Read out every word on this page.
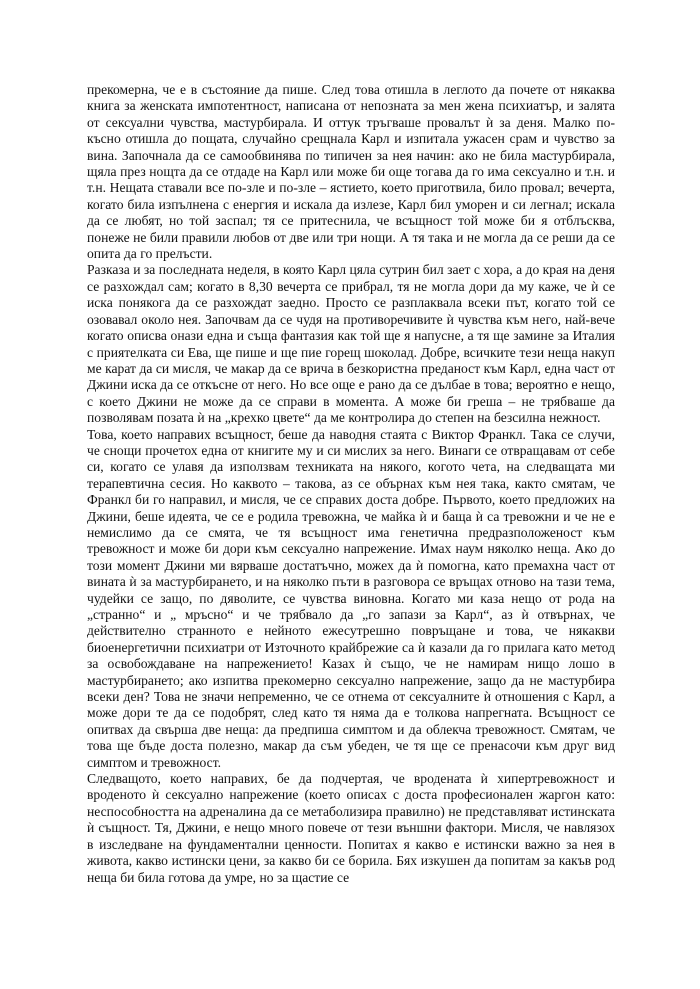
прекомерна, че е в състояние да пише. След това отишла в леглото да почете от някаква книга за женската импотентност, написана от непозната за мен жена психиатър, и залята от сексуални чувства, мастурбирала. И оттук тръгваше провалът ѝ за деня. Малко по-късно отишла до пощата, случайно срещнала Карл и изпитала ужасен срам и чувство за вина. Започнала да се самообвинява по типичен за нея начин: ако не била мастурбирала, щяла през нощта да се отдаде на Карл или може би още тогава да го има сексуално и т.н. и т.н. Нещата ставали все по-зле и по-зле – ястието, което приготвила, било провал; вечерта, когато била изпълнена с енергия и искала да излезе, Карл бил уморен и си легнал; искала да се любят, но той заспал; тя се притеснила, че всъщност той може би я отблъсква, понеже не били правили любов от две или три нощи. А тя така и не могла да се реши да се опита да го прелъсти.

Разказа и за последната неделя, в която Карл цяла сутрин бил зает с хора, а до края на деня се разхождал сам; когато в 8,30 вечерта се прибрал, тя не могла дори да му каже, че ѝ се иска понякога да се разхождат заедно. Просто се разплаквала всеки път, когато той се озовавал около нея. Започвам да се чудя на противоречивите ѝ чувства към него, най-вече когато описва онази една и съща фантазия как той ще я напусне, а тя ще замине за Италия с приятелката си Ева, ще пише и ще пие горещ шоколад. Добре, всичките тези неща накуп ме карат да си мисля, че макар да се вричa в безкористна преданост към Карл, една част от Джини иска да се откъсне от него. Но все още е рано да се дълбае в това; вероятно е нещо, с което Джини не може да се справи в момента. А може би греша – не трябваше да позволявам позата ѝ на „крехко цвете“ да ме контролира до степен на безсилна нежност.

Това, което направих всъщност, беше да наводня стаята с Виктор Франкл. Така се случи, че снощи прочетох една от книгите му и си мислих за него. Винаги се отвращавам от себе си, когато се улавя да използвам техниката на някого, когото чета, на следващата ми терапевтична сесия. Но каквото – такова, аз се обърнах към нея така, както смятам, че Франкл би го направил, и мисля, че се справих доста добре. Първото, което предложих на Джини, беше идеята, че се е родила тревожна, че майка ѝ и баща ѝ са тревожни и че не е немислимо да се смята, че тя всъщност има генетична предразположеност към тревожност и може би дори към сексуално напрежение. Имах наум няколко неща. Ако до този момент Джини ми вярваше достатъчно, можех да ѝ помогна, като премахна част от вината ѝ за мастурбирането, и на няколко пъти в разговора се връщах отново на тази тема, чудейки се защо, по дяволите, се чувства виновна. Когато ми каза нещо от рода на „странно“ и „ мръсно“ и че трябвало да „го запази за Карл“, аз ѝ отвърнах, че действително странното е нейното ежесутрешно повръщане и това, че някакви биоенергетични психиатри от Източното крайбрежие са ѝ казали да го прилага като метод за освобождаване на напрежението! Казах ѝ също, че не намирам нищо лошо в мастурбирането; ако изпитва прекомерно сексуално напрежение, защо да не мастурбира всеки ден? Това не значи непременно, че се отнема от сексуалните ѝ отношения с Карл, а може дори те да се подобрят, след като тя няма да е толкова напрегната. Всъщност се опитвах да свърша две неща: да предпиша симптом и да облекча тревожност. Смятам, че това ще бъде доста полезно, макар да съм убеден, че тя ще се пренасочи към друг вид симптом и тревожност.

Следващото, което направих, бе да подчертая, че вродената ѝ хипертревожност и вроденото ѝ сексуално напрежение (което описах с доста професионален жаргон като: неспособността на адреналина да се метаболизира правилно) не представляват истинската ѝ същност. Тя, Джини, е нещо много повече от тези външни фактори. Мисля, че навлязох в изследване на фундаментални ценности. Попитах я какво е истински важно за нея в живота, какво истински цени, за какво би се борила. Бях изкушен да попитам за какъв род неща би била готова да умре, но за щастие се
